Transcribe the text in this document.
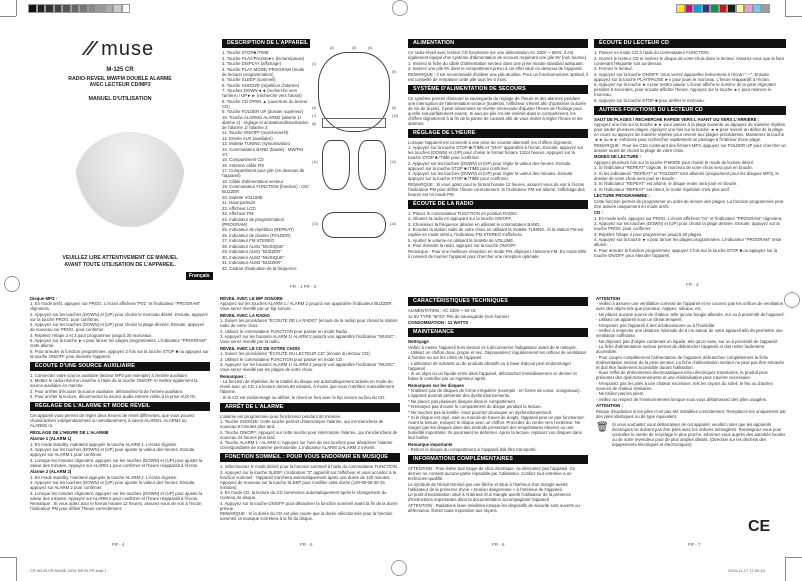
⁄⁄ muse
M-125 CR
RADIO-REVEIL MW/FM DOUBLE ALARME
AVEC LECTEUR CD/MP3
MANUEL D'UTILISATION
VEUILLEZ LIRE ATTENTIVEMENT CE MANUEL
AVANT TOUTE UTILISATION DE L'APPAREIL.
Français
(1)
(2)	(3)	(4)
(5)
(6)
(7)
(8)
(9)
(10)
(11)	(12)
(13)	(14)
DESCRIPTION DE L'APPAREIL

1. Touche STOP■ /TIME

2. Touche PLAY/PAUSE►ıı (lecture/pause)

3. Touche DISPLAY (affichage)

4. Touche PLAY MODE/ PROGRAM (mode de lecture/ programmation)

5. Touche SLEEP (sommeil)

6. Touche SNOOZE (répétition d'alarme)

7. Touches DOWN◄◄ (recherche vers l'arrière) / UP►► (recherche vers l'avant)

8. Touche CD OPEN ▲ (ouverture du lecteur CD)

9. Touche FOLDER UP (dossier supérieur)

10. Touche ALARM1/ ALARM2 (alarme 1/ alarme 2) : réglage et activation/désactivation de l'alarme 1/ l'alarme 2

11. Touche ON/OFF (marche/arrêt)

12. Entrée AUX (auxiliaire)

13. Molette TUNING (syntonisation)

14. Commutateur BAND (bande) : MW/FM ST.

15. Compartiment CD

16. Antenne câble FM

17. Compartiment pour pile (en dessous de l'appareil)

18. Câble d'alimentation secteur

19. Commutateur FUNCTION (fonction) : CD/ BUZZER

20. Molette VOLUME

21. Haut-parleurs

22. Afficheur LCD

23. Afficheur PM

24. Indicateur de programmation (PROGRAM)

25. Indicateur de répétition (REPEAT)

26. Indicateur de dossier (FOLDER)

27. Indicateur FM STEREO

28. Indicateur ALM1 "MUSIQUE"

29. Indicateur ALM1 "BUZZER"

30. Indicateur ALM2 "MUSIQUE"

31. Indicateur ALM2 "BUZZER"

32. Cadran d'indication de la fréquence

ALIMENTATION

Ce radio-réveil avec lecteur CD fonctionne sur une alimentation AC 230V ~ 50Hz. Il est également équipé d'un système d'alimentation de secours requérant une pile 9V (non fournie).

1. Insérez la fiche du câble d'alimentation secteur dans une prise murale standard adéquate.

2. Insérez une pile 9V dans le compartiment prévu à cet effet situé en dessous de l'appareil.

REMARQUE : Il est recommandé d'utiliser une pile alcaline. Pour un fonctionnement optimal, il est conseillé de remplacer cette pile tous les 6 mois.

SYSTÈME D'ALIMENTATION DE SECOURS

Ce système permet d'assurer la sauvegarde du réglage de l'heure et des alarmes pendant une interruption de l'alimentation secteur (toutefois, l'afficheur s'éteint afin d'optimiser la durée de vie de la pile). Il peut néanmoins se révéler nécessaire d'ajuster l'heure de l'horloge pour qu'elle soit parfaitement exacte. Si aucune pile n'a été insérée dans le compartiment, les chiffres clignoteront à la fin de la panne de courant afin de vous inviter à régler l'heure et les alarmes.

RÉGLAGE DE L'HEURE

Lorsque l'appareil est connecté à une prise de courant alternatif, les chiffres clignotent.

1. Appuyez sur la touche STOP ■ /TIME et "24Hr" apparaîtra à l'écran. Ensuite, appuyez sur les touches (DOWN) et (UP) pour choisir le format horaire 12/24 heures. Appuyez sur la touche STOP ■ /TIME pour confirmer.

2. Appuyez sur les touches (DOWN) et (UP) pour régler la valeur des heures. Ensuite, appuyez sur la touche STOP ■ /TIME pour confirmer.

3. Appuyez sur les touches (DOWN) et (UP) pour régler la valeur des minutes. Ensuite, appuyez sur la touche STOP ■ /TIME pour confirmer.

REMARQUE : Si vous optez pour le format horaire 12 heures, assurez-vous de voir à l'écran l'indicateur PM pour définir l'heure correctement. Si l'indicateur PM est allumé, l'affichage des heures est en mode PM.

ÉCOUTE DE LA RADIO

1. Placez le commutateur FUNCTION en position RADIO.

2. Allumez la radio en appuyant sur la touche ON/OFF.

3. Choisissez la fréquence désirée en utilisant le commutateur BAND.

4. Écoutez la station radio de votre choix en utilisant la molette TUNING. Si la station FM est captée en mode stéréo, l'indicateur FM STEREO s'affichera.

5. Ajustez le volume en utilisant la molette de VOLUME.

6. Pour éteindre la radio, appuyez sur la touche ON/OFF.

Remarque : Pour une meilleure réception en mode FM, déployez l'antenne FM. En mode MW, il convient de tourner l'appareil pour chercher une réception optimale.

ÉCOUTE DU LECTEUR CD

1. Passez en mode CD à l'aide du commutateur FUNCTION.

2. Ouvrez le lecteur CD et insérez le disque de votre choix dans le lecteur. Assurez-vous que la face contenant l'étiquette soit au-dessus.

3. Fermez le lecteur.

4. Appuyez sur la touche ON/OFF. Vous verrez apparaître brièvement à l'écran "---". Ensuite, appuyez sur la touche PLAY/PAUSE ►ıı pour jouer le morceau. L'heure réapparaît à l'écran.

5. Appuyez sur la touche ►ıı pour mettre pause. L'écran affiche le numéro de la piste clignotant pendant 5 secondes, pour ensuite afficher l'heure. Appuyez sur la touche ►ıı pour relancer le morceau.

6. Appuyez sur la touche STOP ■ pour arrêter le morceau.

AUTRES FONCTIONS DU LECTEUR CD

SAUT DE PLAGES / RECHERCHE RAPIDE VERS L'AVANT OU VERS L'ARRIÈRE :

Appuyez une fois sur la touche ►► pour passer à la plage suivante ou appuyez de manière répétée pour sauter plusieurs plages. Appuyez une fois sur la touche ◄◄ pour revenir au début de la plage en cours ou appuyez de manière répétée pour revenir aux plages précédentes. Maintenez la touche ◄◄ ou ►► enfoncée pour rechercher rapidement un passage à l'intérieur d'une plage.

REMARQUE : Pour les CDs contenant des fichiers MP3, appuyez sur FOLDER UP pour chercher un dossier avant de choisir la plage de votre choix.

MODES DE LECTURE :

Appuyez plusieurs fois sur la touche P.MODE pour choisir le mode de lecture désiré.

1. Si l'indicateur "REPEAT" clignote, le morceau de votre choix sera joué en boucle.

2. Si les indicateurs "REPEAT" et "FOLDER" sont allumés (uniquement pour les disques MP3), le dossier de votre choix sera joué en boucle.

3. Si l'indicateur "REPEAT" est allumé, le disque entier sera joué en boucle.

4. Si l'indicateur "REPEAT" est éteint, le mode répétition n'est plus actif.

LECTURE PROGRAMMÉE :

Cette fonction permet de programmer un ordre de lecture des plages. La fonction programmée peut être activée uniquement en mode arrêt.

CD :

1. En mode arrêt, appuyez sur PROG. L'écran affichera "01" et l'indicateur "PROGRAM" clignotera.

2. Appuyez sur les touches (DOWN) et (UP) pour choisir la plage désirée. Ensuite, appuyez sur la touche PROG. pour confirmer.

3. Répétez l'étape 2 pour programmer jusqu'à 20 plages.

4. Appuyez sur la touche ►ıı pour lancer les plages programmées. L'indicateur "PROGRAM" reste allumé.

5. Pour annuler la fonction programmée, appuyez 2 fois sur la touche STOP ■ ou appuyez sur la touche ON/OFF pour éteindre l'appareil.

Disque MP3 :

1. En mode arrêt, appuyez sur PROG. L'écran affichera "P01" et l'indicateur "PROGRAM" clignotera.

2. Appuyez sur les touches (DOWN) et (UP) pour choisir le morceau désiré. Ensuite, appuyez sur la touche PROG. pour confirmer.

3. Appuyez sur les touches (DOWN) et (UP) pour choisir la plage désirée. Ensuite, appuyez de nouveau sur PROG. pour confirmer.

4. Répétez l'étape 2 et 3 pour programmer jusqu'à 20 morceaux.

5. Appuyez sur la touche ►ıı pour lancer les plages programmées. L'indicateur "PROGRAM" reste allumé.

6. Pour annuler la fonction programmée, appuyez 2 fois sur la touche STOP ■ ou appuyez sur la touche ON/OFF pour éteindre l'appareil.

ÉCOUTE D'UNE SOURCE AUXILIAIRE

1. Connectez votre source auxiliaire (lecteur MP3 par exemple) à l'entrée auxiliaire.

2. Mettez le radio-réveil en marche à l'aide de la touche ON/OFF et mettez également la source auxiliaire en marche.

3. Pour arrêter d'écouter la source auxiliaire, débranchez-la de l'entrée auxiliaire.

4. Pour arrêter la lecture, déconnectez la source audio externe reliée à la prise AUX IN.

RÉGLAGE DE L'ALARME ET MODE RÉVEIL

Cet appareil vous permet de régler deux heures de réveil différentes, que vous pouvez choisir/activer indépendamment ou simultanément, à savoir ALARM1, ALARM2 ou ALARM1+2.

RÉGLAGE DE L'HEURE DE L'ALARME

Alarme 1 (ALARM 1)

1. En mode standby, maintenir appuyée la touche ALARM 1. L'écran clignote.

2. Appuyez sur les touches (DOWN) et (UP) pour ajuster la valeur des heures. Ensuite, appuyez sur ALARM 1 pour confirmer.

3. Lorsque les minutes clignotent, appuyez sur les touches (DOWN) et (UP) pour ajuster la valeur des minutes. Appuyez sur ALARM 1 pour confirmer et l'heure réapparaît à l'écran.

Alarme 2 (ALARM 2)

1. En mode standby, maintenir appuyée la touche ALARM 2. L'écran clignote.

2. Appuyez sur les touches (DOWN) et (UP) pour ajuster la valeur des heures. Ensuite, appuyez sur ALARM 2 pour confirmer.

3. Lorsque les minutes clignotent, appuyez sur les touches (DOWN) et (UP) pour ajuster la valeur des minutes. Appuyez sur ALARM 2 pour confirmer et l'heure réapparaît à l'écran.

Remarque : Si vous optez pour le format horaire 12 heures, assurez-vous de voir à l'écran l'indicateur PM pour définir l'heure correctement.

RÉVEIL AVEC LE BIP SONORE

Appuyez sur les touches ALARM 1 / ALARM 2 jusqu'à voir apparaître l'indicateur BUZZER. Vous serez réveillé par un bip sonore.

RÉVEIL AVEC LA RADIO

1. Suivez les procédures "ÉCOUTE DE LA RADIO" (écoute de la radio) pour choisir la station radio de votre choix.

2. Utilisez le commutateur FUNCTION pour passer en mode Radio.

3. Appuyez sur les boutons ALARM 1/ ALARM 2 jusqu'à voir apparaître l'indicateur "MUSIC". Vous serez réveillé par la radio.

RÉVEIL AVEC LE CD DE VOTRE CHOIX

1. Suivez les procédures "ÉCOUTE DU LECTEUR CD" (écoute du lecteur CD).

2. Utilisez le commutateur FUNCTION pour passer en mode CD.

3. Appuyez sur les boutons ALARM 1/ ALARM 2 jusqu'à voir apparaître l'indicateur "MUSIC". Vous serez réveillé par les plages de votre choix.

Remarques :

- La fonction de répétition de la totalité du disque est automatiquement activée en mode de réveil avec un CD. La lecture durera 60 minutes, à moins que vous n'arrêtiez manuellement l'alarme.

- Si le CD est endommagé ou abîmé, le réveil se fera avec le bip sonore au lieu du CD.

ARRÊT DE L'ALARME

L'alarme est programmée pour fonctionner pendant 60 minutes.

1. Touche SNOOZE: Cette touche permet d'interrompre l'alarme, qui s'enclenchera de nouveau 9 minutes plus tard.

2. Touche ON/OFF: Appuyez sur cette touche pour interrompre l'alarme, qui s'enclenchera de nouveau 24 heures plus tard.

3. Touche ALARM 1 / ALARM 2: Appuyez sur l'une de ces touches pour désactiver l'alarme correspondante de manière permanente. L'indicateur ALARM 1/ALARM 2 s'éteint.

FONCTION SOMMEIL : POUR VOUS ENDORMIR EN MUSIQUE

1. Sélectionnez le mode désiré pour la fonction sommeil à l'aide du commutateur FUNCTION.

2. Appuyez sur la touche SLEEP. L'indication "Z" apparaît sur l'afficheur et vous accédez à la fonction sommeil : l'appareil s'arrêtera automatiquement après une durée de 120 minutes. Appuyez de nouveau sur la touche SLEEP pour modifier cette durée (120-90-60-30-15 minutes).

3. En mode CD, la lecture du CD commence automatiquement après le changement du contenu du disque.

4. Appuyez sur la touche ON/OFF pour désactiver la fonction sommeil avant la fin de la durée prévue.

REMARQUE : Si la durée du CD est plus courte que la durée sélectionnée pour la fonction sommeil, la musique s'arrêtera à la fin du disque.

CARACTÉRISTIQUES TECHNIQUES

ALIMENTATION : AC 230V ~ 50 Hz

1x 9V TYPE "6F22" Pile de sauvegarde (non fournie)

CONSOMMATION : 11 WATTS

MAINTENANCE

Nettoyage

Veillez à mettre l'appareil hors tension et à déconnecter l'adaptateur avant de le nettoyer.

- Utilisez un chiffon doux, propre et sec. Dépoussiérez régulièrement les orifices de ventilation à l'arrière ou sur les côtés de l'appareil.

- L'utilisation de solvants ou de produits abrasifs ou à base d'alcool peut endommager l'appareil.

- Si un objet ou un liquide entre dans l'appareil, débranchez immédiatement ce dernier et faites-le contrôler par un ingénieur agréé.

Remarques sur les disques

* N'utilisez pas de disques de forme irrégulière (exemple : en forme de coeur, octogonaux). L'appareil pourrait présenter des dysfonctionnements.

* Ne placez pas plusieurs disques dans le compartiment.

* N'essayez pas d'ouvrir le compartiment du disque pendant la lecture.

* Ne touchez pas la lentille. Vous pourriez provoquer un dysfonctionnement.

* Si le disque est rayé, sale ou maculé de traces de doigts, l'appareil peut ne pas fonctionner. Avant la lecture, essuyez le disque avec un chiffon. Procédez du centre vers l'extérieur. Ne rangez pas les disques dans des endroits présentant des températures élevées ou une humidité importante. Ils pourraient se déformer. Après la lecture, replacez vos disques dans leur boîtier.

Remarque importante

- Retirez le disque du compartiment si l'appareil doit être transporté.

INFORMATIONS COMPLÉMENTAIRES

ATTENTION : Pour éviter tout risque de choc électrique, ne démontez pas l'appareil. Ce dernier ne contient aucune partie réparable par l'utilisateur. Confiez tout entretien à un technicien qualifié.

Le symbole de l'éclair terminé par une flèche et situé à l'intérieur d'un triangle avertit l'utilisateur de la présence d'une « tension dangereuse » à l'intérieur de l'appareil.

Le point d'exclamation situé à l'intérieur d'un triangle avertit l'utilisateur de la présence d'instructions importantes dans la documentation accompagnant l'appareil.

ATTENTION : Radiations laser invisibles lorsque les dispositifs de sécurité sont ouverts ou défectueux. Évitez toute exposition aux rayons.

ATTENTION

- Veillez à assurer une ventilation correcte de l'appareil et ne couvrez pas les orifices de ventilation avec des objets tels que journaux, nappes, rideaux, etc.

- Ne placez aucune source de chaleur, telle qu'une bougie allumée, sur ou à proximité de l'appareil.

- Utilisez cet appareil sous un climat tempéré.

- N'exposez pas l'appareil à des éclaboussures ou à l'humidité.

- Veillez à respecter une distance minimale de 5 cm autour de votre appareil afin de permettre une ventilation suffisante.

- Ne déposez pas d'objets contenant un liquide, tels qu'un vase, sur ou à proximité de l'appareil.

- La fiche d'alimentation secteur permet de débrancher l'appareil et doit rester facilement accessible.

- Pour couper complètement l'alimentation de l'appareil, débranchez complètement la fiche d'alimentation secteur de la prise secteur. La fiche d'alimentation secteur ne peut pas être entravée et doit être facilement accessible durant l'utilisation.

- Sous l'effet de phénomènes électrostatiques et/ou électriques transitoires, le produit peut présenter des dysfonctionnements et une réinitialisation peut s'avérer nécessaire.

- N'exposez pas les piles à une chaleur excessive, tels les rayons du soleil, le feu ou d'autres sources de chaleur similaires.

- Ne brûlez pas les piles!

- Veillez au respect de l'environnement lorsque vous vous débarrassez des piles usagées.

ATTENTION :

Risque d'explosion si les piles n'ont pas été installées correctement. Remplacez-les uniquement par des piles identiques ou de type équivalent.

🗑 Si vous souhaitez vous débarrasser de cet appareil, veuillez noter que les appareils électriques ne doivent pas être jetés avec les ordures ménagères. Renseignez-vous pour connaître le centre de recyclage le plus proche. Informez-vous auprès des autorités locales ou de votre revendeur pour de plus amples détails. (Directive sur les déchets des équipements électriques et électroniques)

CE
FR - 1 FR - 2	FR - 3
FR - 4	FR - 5	FR - 6	FR - 7
CR-M125 CR MUSE 1001 REV0 FR.indd 1	2013-11-17 17:02:43
